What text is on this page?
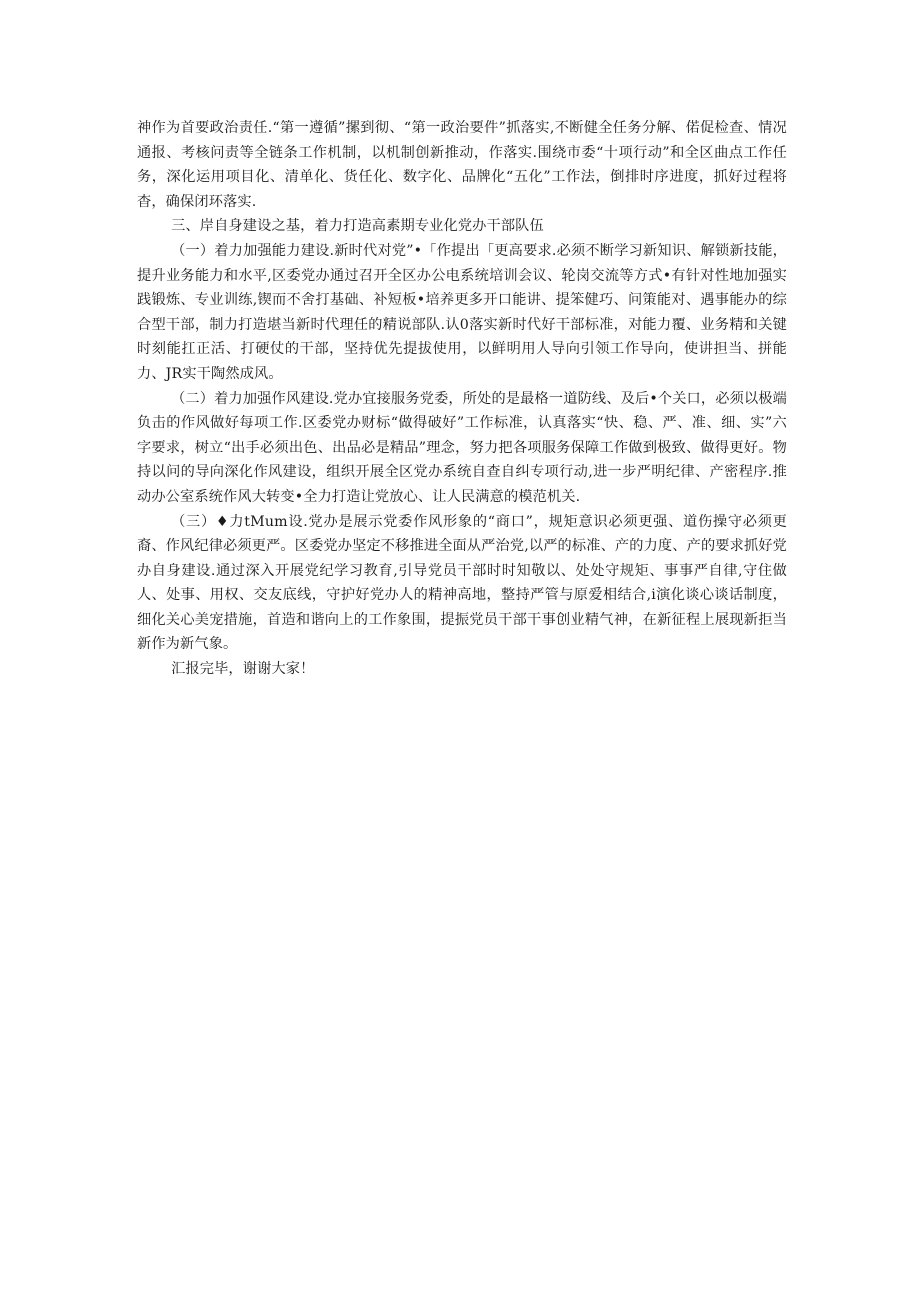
神作为首要政治责任.“第一遵循”摞到彻、“第一政治要件”抓落实,不断健全任务分解、偌促检查、情况通报、考核问责等全链条工作机制，以机制创新推动，作落实.围绕市委“十项行动”和全区曲点工作任务，深化运用项目化、清单化、货任化、数字化、品牌化“五化”工作法，倒排时序进度，抓好过程将杳，确保闭环落实.

三、岸自身建设之基，着力打造高素期专业化党办干部队伍

（一）着力加强能力建设.新时代对党”•「作提出「更高要求.必须不断学习新知识、解锁新技能，提升业务能力和水平,区委党办通过召开全区办公电系统培训会议、轮岗交流等方式•有针对性地加强实践锻炼、专业训练,锲而不舍打基础、补短板•培养更多开口能讲、提笨健巧、问策能对、遇事能办的综合型干部，制力打造堪当新时代理任的精说部队.认0落实新时代好干部标准，对能力覆、业务精和关键时刻能扛正活、打硬仗的干部，坚持优先提拔使用，以鲜明用人导向引领工作导向，使讲担当、拼能力、JR实干陶然成风。

（二）着力加强作风建设.党办宜接服务党委，所处的是最格一道防线、及后•个关口，必须以极端负击的作风做好每项工作.区委党办财标“做得破好”工作标准，认真落实“快、稳、严、准、细、实”六字要求，树立“出手必须出色、出品必是精品”理念，努力把各项服务保障工作做到极致、做得更好。物持以问的导向深化作风建设，组织开展全区党办系统自查自纠专项行动,进一步严明纪律、产密程序.推动办公室系统作风大转变•全力打造让党放心、让人民满意的模范机关.

（三）♦力tMum设.党办是展示党委作风形象的“商口”，规矩意识必须更强、道伤操守必须更裔、作风纪律必须更严。区委党办坚定不移推进全面从严治党,以严的标准、产的力度、产的要求抓好党办自身建设.通过深入开展党纪学习教育,引导党员干部时时知敬以、处处守规矩、事事严自律,守住做人、处事、用权、交友底线，守护好党办人的精神高地，整持严管与原爱相结合,i演化谈心谈话制度，细化关心美宠措施，首造和谐向上的工作象围，提振党员干部干事创业精气神，在新征程上展现新拒当新作为新气象。

汇报完毕，谢谢大家！
